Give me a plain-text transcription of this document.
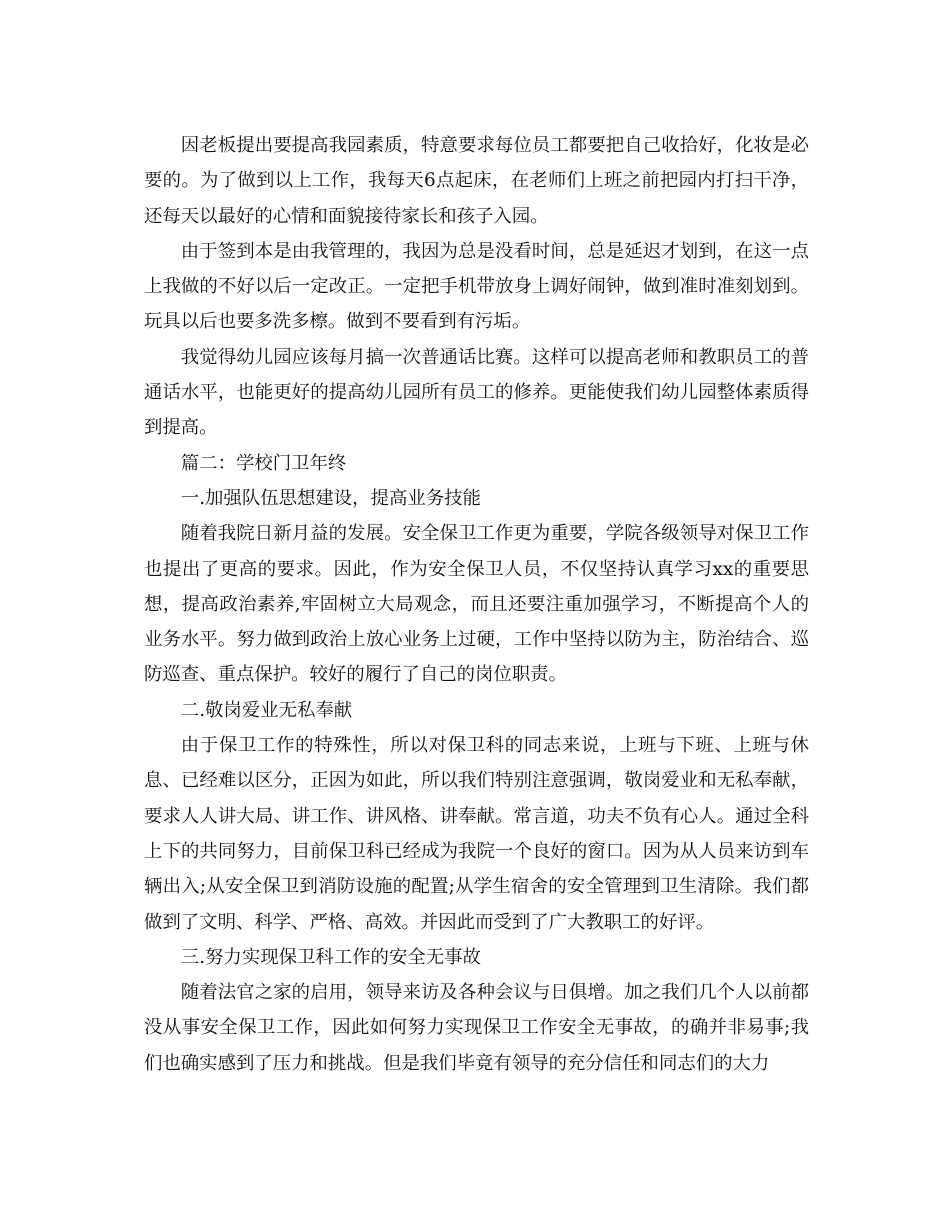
因老板提出要提高我园素质，特意要求每位员工都要把自己收拾好，化妆是必要的。为了做到以上工作，我每天6点起床，在老师们上班之前把园内打扫干净，还每天以最好的心情和面貌接待家长和孩子入园。

由于签到本是由我管理的，我因为总是没看时间，总是延迟才划到，在这一点上我做的不好以后一定改正。一定把手机带放身上调好闹钟，做到准时准刻划到。玩具以后也要多洗多檫。做到不要看到有污垢。

我觉得幼儿园应该每月搞一次普通话比赛。这样可以提高老师和教职员工的普通话水平，也能更好的提高幼儿园所有员工的修养。更能使我们幼儿园整体素质得到提高。

篇二：学校门卫年终

一.加强队伍思想建设，提高业务技能

随着我院日新月益的发展。安全保卫工作更为重要，学院各级领导对保卫工作也提出了更高的要求。因此，作为安全保卫人员，不仅坚持认真学习xx的重要思想，提高政治素养,牢固树立大局观念，而且还要注重加强学习，不断提高个人的业务水平。努力做到政治上放心业务上过硬，工作中坚持以防为主，防治结合、巡防巡查、重点保护。较好的履行了自己的岗位职责。

二.敬岗爱业无私奉献

由于保卫工作的特殊性，所以对保卫科的同志来说，上班与下班、上班与休息、已经难以区分，正因为如此，所以我们特别注意强调，敬岗爱业和无私奉献，要求人人讲大局、讲工作、讲风格、讲奉献。常言道，功夫不负有心人。通过全科上下的共同努力，目前保卫科已经成为我院一个良好的窗口。因为从人员来访到车辆出入;从安全保卫到消防设施的配置;从学生宿舍的安全管理到卫生清除。我们都做到了文明、科学、严格、高效。并因此而受到了广大教职工的好评。

三.努力实现保卫科工作的安全无事故

随着法官之家的启用，领导来访及各种会议与日俱增。加之我们几个人以前都没从事安全保卫工作，因此如何努力实现保卫工作安全无事故，的确并非易事;我们也确实感到了压力和挑战。但是我们毕竟有领导的充分信任和同志们的大力
